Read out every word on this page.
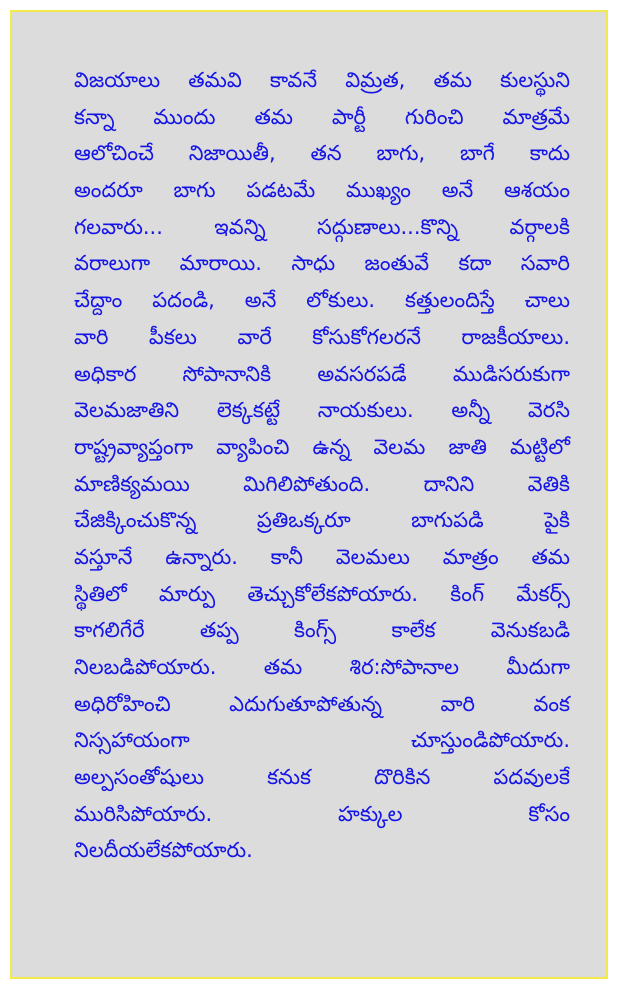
విజయాలు తమవి కావనే విమ్రత, తమ కులస్థుని
కన్నా ముందు తమ పార్టీ గురించి మాత్రమే
ఆలోచించే నిజాయితీ, తన బాగు, బాగే కాదు
అందరూ బాగు పడటమే ముఖ్యం అనే ఆశయం
గలవారు... ఇవన్ని సద్గుణాలు...కొన్ని వర్గాలకి
వరాలుగా మారాయి. సాధు జంతువే కదా సవారి
చేద్దాం పదండి, అనే లోకులు. కత్తులందిస్తే చాలు
వారి పీకలు వారే కోసుకోగలరనే రాజకీయాలు.
అధికార సోపానానికి అవసరపడే ముడిసరుకుగా
వెలమజాతిని లెక్కకట్టే నాయకులు. అన్నీ వెరసి
రాష్ట్రవ్యాప్తంగా వ్యాపించి ఉన్న వెలమ జాతి మట్టిలో
మాణిక్యమయి మిగిలిపోతుంది. దానిని వెతికి
చేజిక్కించుకొన్న ప్రతిఒక్కరూ బాగుపడి పైకి
వస్తూనే ఉన్నారు. కానీ వెలమలు మాత్రం తమ
స్థితిలో మార్పు తెచ్చుకోలేకపోయారు. కింగ్ మేకర్స్
కాగలిగేరే తప్ప కింగ్స్ కాలేక వెనుకబడి
నిలబడిపోయారు. తమ శిర:సోపానాల మీదుగా
అధిరోహించి ఎదుగుతూపోతున్న వారి వంక
నిస్సహాయంగా చూస్తుండిపోయారు.
అల్పసంతోషులు కనుక దొరికిన పదవులకే
మురిసిపోయారు. హక్కుల కోసం
నిలదీయలేకపోయారు.
